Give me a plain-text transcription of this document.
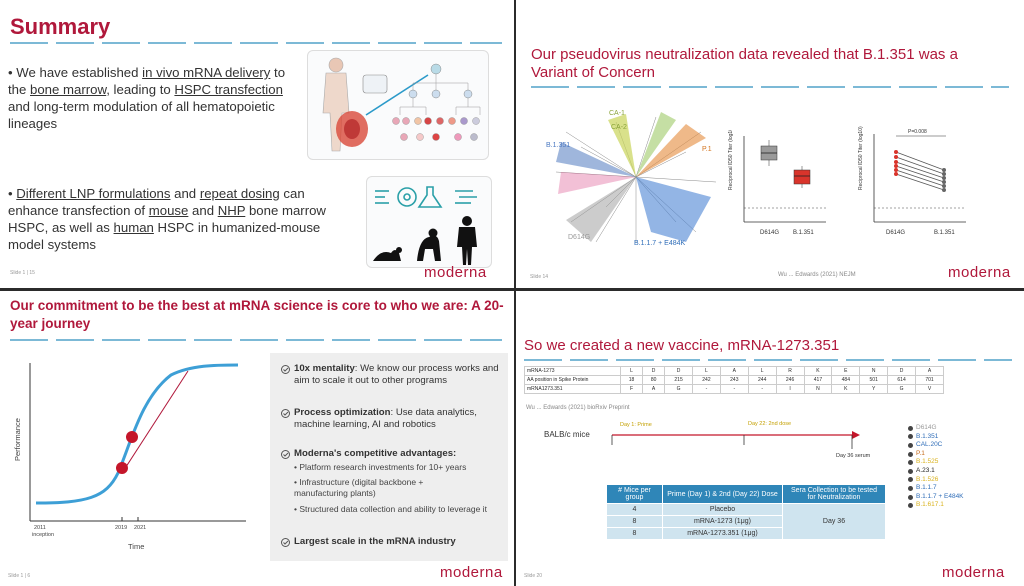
Summary
• We have established in vivo mRNA delivery to the bone marrow, leading to HSPC transfection and long-term modulation of all hematopoietic lineages
• Different LNP formulations and repeat dosing can enhance transfection of mouse and NHP bone marrow HSPC, as well as human HSPC in humanized-mouse model systems
Slide 1 | 15	moderna
Our pseudovirus neutralization data revealed that B.1.351 was a Variant of Concern
CA-1
CA-2
B.1.351
P.1
D614G
B.1.1.7 + E484K
Reciprocal ID50 Titer (log10)
D614G B.1.351
P=0.008
Reciprocal ID50 Titer (log10)
D614G	B.1.351
Wu ... Edwards (2021) NEJM
Slide 14	moderna
Our commitment to be the best at mRNA science is core to who we are: A 20-year journey
2011
inception
2019 2021
Time
Performance
10x mentality: We know our process works and aim to scale it out to other programs
Process optimization: Use data analytics, machine learning, AI and robotics
Moderna's competitive advantages:
• Platform research investments for 10+ years
• Infrastructure (digital backbone + manufacturing plants)
• Structured data collection and ability to leverage it
Largest scale in the mRNA industry
Slide 1 | 6	moderna
So we created a new vaccine, mRNA-1273.351
mRNA-1273	L	D	D	L	A	L	R	K	E	N	D	A
AA position in Spike Protein	18	80	215	242	243	244	246	417	484	501	614	701
mRNA1273.351	F	A	G	-	-	-	I	N	K	Y	G	V
Wu ... Edwards (2021) bioRxiv Preprint
BALB/c mice
Day 1: Prime	Day 22: 2nd dose
Day 36 serum
# Mice per group	Prime (Day 1) & 2nd (Day 22) Dose	Sera Collection to be tested for Neutralization
4	Placebo	Day 36
8	mRNA-1273 (1μg)	
8	mRNA-1273.351 (1μg)	
D614G
B.1.351
CAL.20C
P.1
B.1.525
A.23.1
B.1.526
B.1.1.7
B.1.1.7 + E484K
B.1.617.1
Slide 20	moderna
